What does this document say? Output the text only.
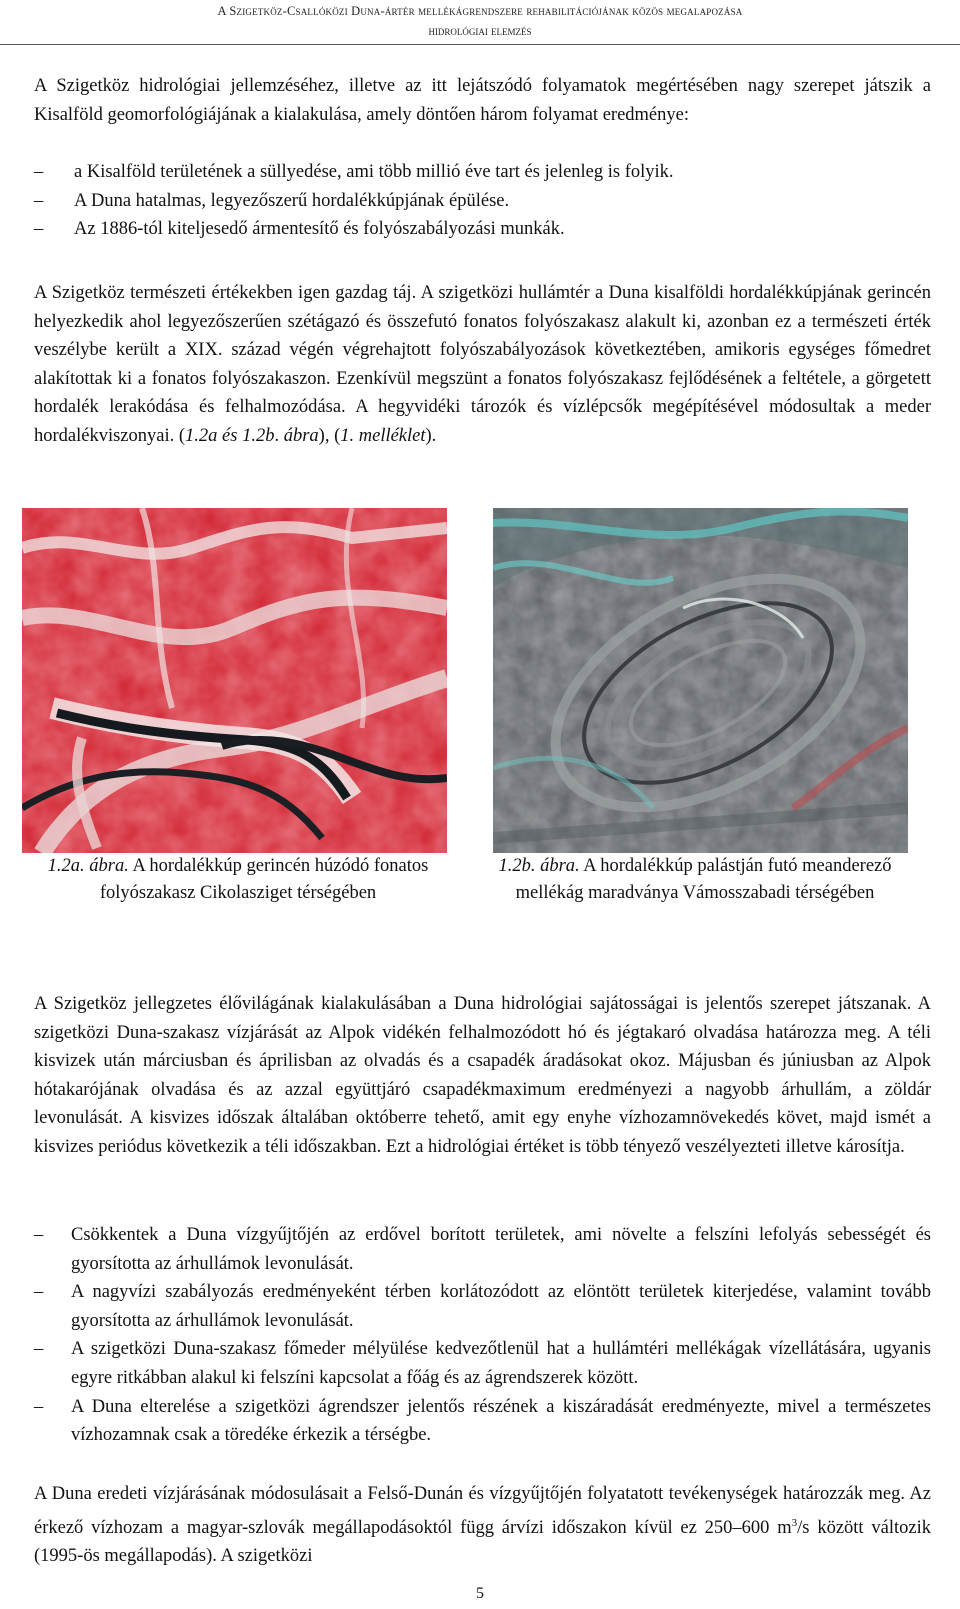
A Szigetköz-Csallóközi Duna-ártér mellékágrendszere rehabilitációjának közös megalapozása
hidrológiai elemzés

A Szigetköz hidrológiai jellemzéséhez, illetve az itt lejátszódó folyamatok megértésében nagy szerepet játszik a Kisalföld geomorfológiájának a kialakulása, amely döntően három folyamat eredménye:

– a Kisalföld területének a süllyedése, ami több millió éve tart és jelenleg is folyik.
– A Duna hatalmas, legyezőszerű hordalékkúpjának épülése.
– Az 1886-tól kiteljesedő ármentesítő és folyószabályozási munkák.

A Szigetköz természeti értékekben igen gazdag táj. A szigetközi hullámtér a Duna kisalföldi hordalékkúpjának gerincén helyezkedik ahol legyezőszerűen szétágazó és összefutó fonatos folyószakasz alakult ki, azonban ez a természeti érték veszélybe került a XIX. század végén végrehajtott folyószabályozások következtében, amikoris egységes főmedret alakítottak ki a fonatos folyószakaszon. Ezenkívül megszünt a fonatos folyószakasz fejlődésének a feltétele, a görgetett hordalék lerakódása és felhalmozódása. A hegyvidéki tározók és vízlépcsők megépítésével módosultak a meder hordalékviszonyai. (1.2a és 1.2b. ábra), (1. melléklet).

1.2a. ábra. A hordalékkúp gerincén húzódó fonatos folyószakasz Cikolasziget térségében
1.2b. ábra. A hordalékkúp palástján futó meanderező mellékág maradványa Vámosszabadi térségében

A Szigetköz jellegzetes élővilágának kialakulásában a Duna hidrológiai sajátosságai is jelentős szerepet játszanak. A szigetközi Duna-szakasz vízjárását az Alpok vidékén felhalmozódott hó és jégtakaró olvadása határozza meg. A téli kisvizek után márciusban és áprilisban az olvadás és a csapadék áradásokat okoz. Májusban és júniusban az Alpok hótakarójának olvadása és az azzal együttjáró csapadékmaximum eredményezi a nagyobb árhullám, a zöldár levonulását. A kisvizes időszak általában októberre tehető, amit egy enyhe vízhozamnövekedés követ, majd ismét a kisvizes periódus következik a téli időszakban. Ezt a hidrológiai értéket is több tényező veszélyezteti illetve károsítja.

– Csökkentek a Duna vízgyűjtőjén az erdővel borított területek, ami növelte a felszíni lefolyás sebességét és gyorsította az árhullámok levonulását.
– A nagyvízi szabályozás eredményeként térben korlátozódott az elöntött területek kiterjedése, valamint tovább gyorsította az árhullámok levonulását.
– A szigetközi Duna-szakasz főmeder mélyülése kedvezőtlenül hat a hullámtéri mellékágak vízellátására, ugyanis egyre ritkábban alakul ki felszíni kapcsolat a főág és az ágrendszerek között.
– A Duna elterelése a szigetközi ágrendszer jelentős részének a kiszáradását eredményezte, mivel a természetes vízhozamnak csak a töredéke érkezik a térségbe.

A Duna eredeti vízjárásának módosulásait a Felső-Dunán és vízgyűjtőjén folyatatott tevékenységek határozzák meg. Az érkező vízhozam a magyar-szlovák megállapodásoktól függ árvízi időszakon kívül ez 250–600 $m^3/s$ között változik (1995-ös megállapodás). A szigetközi

5
